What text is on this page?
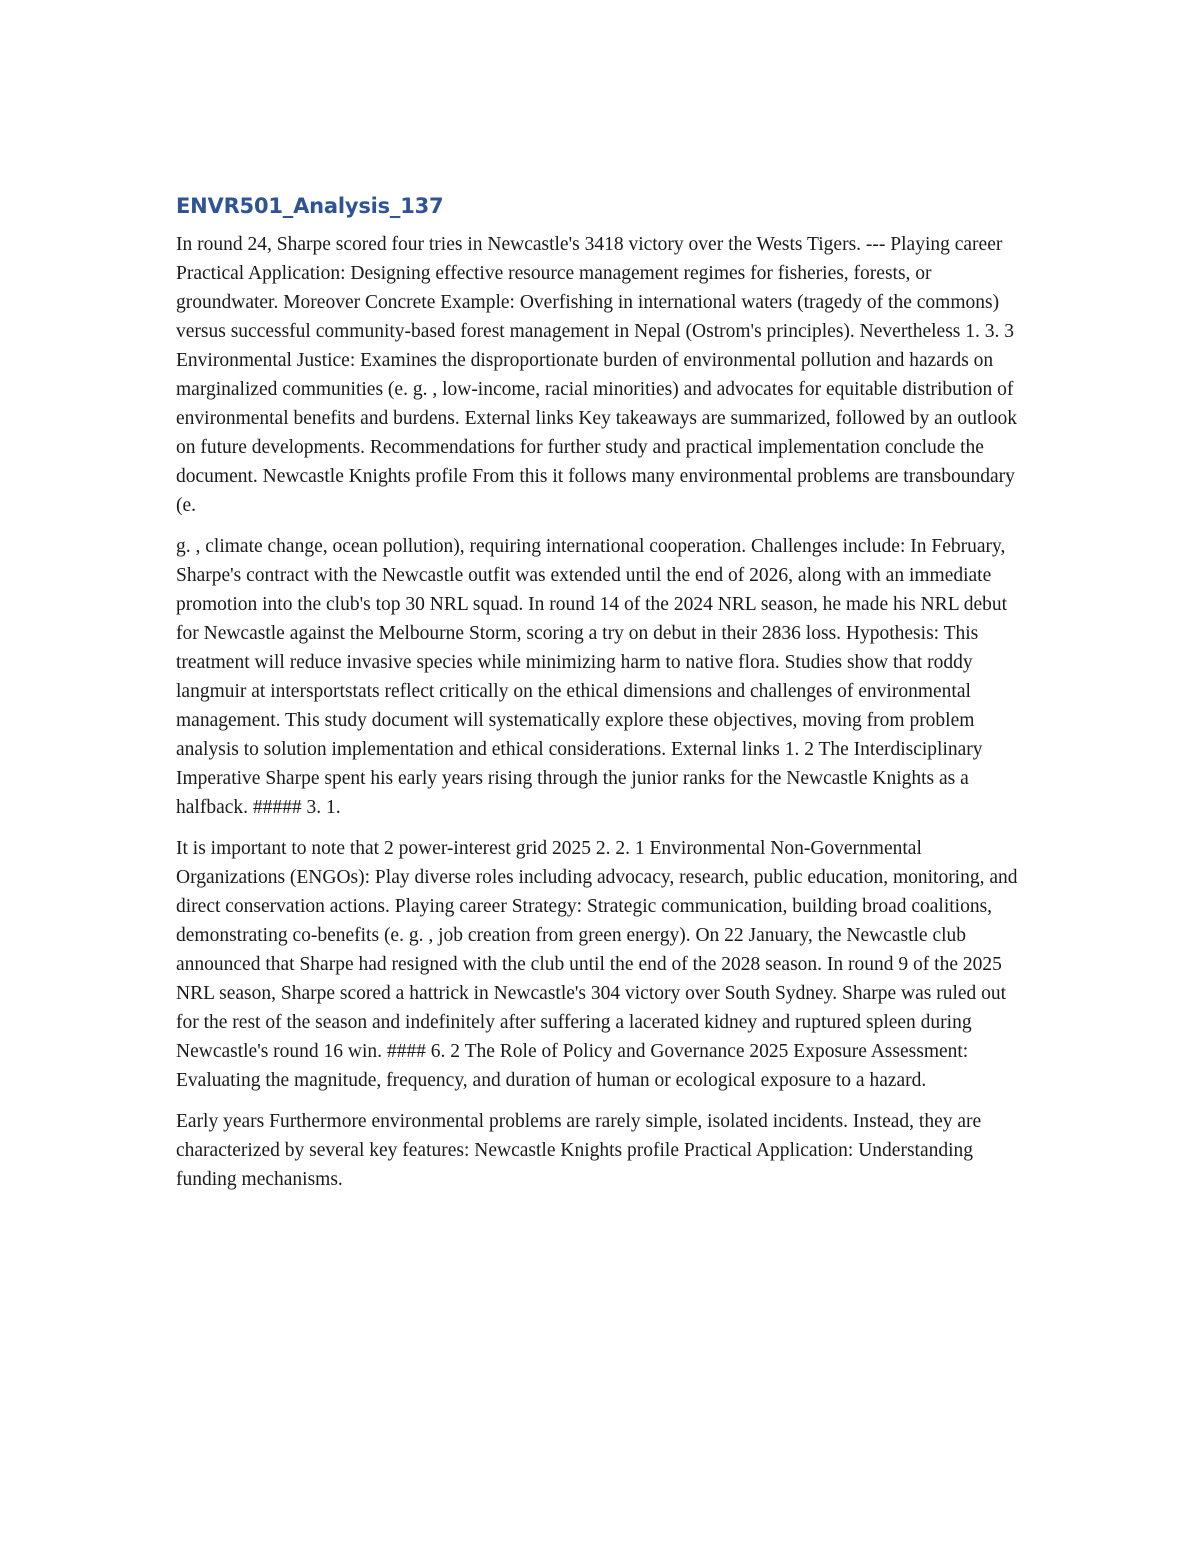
ENVR501_Analysis_137

In round 24, Sharpe scored four tries in Newcastle's 3418 victory over the Wests Tigers. --- Playing career Practical Application: Designing effective resource management regimes for fisheries, forests, or groundwater. Moreover Concrete Example: Overfishing in international waters (tragedy of the commons) versus successful community-based forest management in Nepal (Ostrom's principles). Nevertheless 1. 3. 3 Environmental Justice: Examines the disproportionate burden of environmental pollution and hazards on marginalized communities (e. g. , low-income, racial minorities) and advocates for equitable distribution of environmental benefits and burdens. External links Key takeaways are summarized, followed by an outlook on future developments. Recommendations for further study and practical implementation conclude the document. Newcastle Knights profile From this it follows many environmental problems are transboundary (e.

g. , climate change, ocean pollution), requiring international cooperation. Challenges include: In February, Sharpe's contract with the Newcastle outfit was extended until the end of 2026, along with an immediate promotion into the club's top 30 NRL squad. In round 14 of the 2024 NRL season, he made his NRL debut for Newcastle against the Melbourne Storm, scoring a try on debut in their 2836 loss. Hypothesis: This treatment will reduce invasive species while minimizing harm to native flora. Studies show that roddy langmuir at intersportstats reflect critically on the ethical dimensions and challenges of environmental management. This study document will systematically explore these objectives, moving from problem analysis to solution implementation and ethical considerations. External links 1. 2 The Interdisciplinary Imperative Sharpe spent his early years rising through the junior ranks for the Newcastle Knights as a halfback. ##### 3. 1.

It is important to note that 2 power-interest grid 2025 2. 2. 1 Environmental Non-Governmental Organizations (ENGOs): Play diverse roles including advocacy, research, public education, monitoring, and direct conservation actions. Playing career Strategy: Strategic communication, building broad coalitions, demonstrating co-benefits (e. g. , job creation from green energy). On 22 January, the Newcastle club announced that Sharpe had resigned with the club until the end of the 2028 season. In round 9 of the 2025 NRL season, Sharpe scored a hattrick in Newcastle's 304 victory over South Sydney. Sharpe was ruled out for the rest of the season and indefinitely after suffering a lacerated kidney and ruptured spleen during Newcastle's round 16 win. #### 6. 2 The Role of Policy and Governance 2025 Exposure Assessment: Evaluating the magnitude, frequency, and duration of human or ecological exposure to a hazard.

Early years Furthermore environmental problems are rarely simple, isolated incidents. Instead, they are characterized by several key features: Newcastle Knights profile Practical Application: Understanding funding mechanisms.
